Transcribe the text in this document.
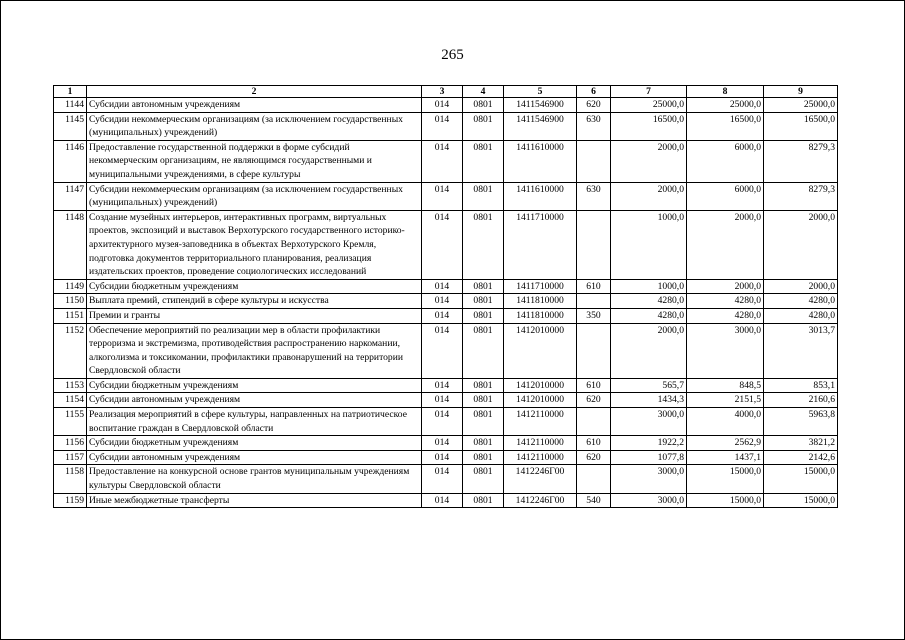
265
1	2	3	4	5	6	7	8	9
1144	Субсидии автономным учреждениям	014	0801	1411546900	620	25000,0	25000,0	25000,0
1145	Субсидии некоммерческим организациям (за исключением государственных (муниципальных) учреждений)	014	0801	1411546900	630	16500,0	16500,0	16500,0
1146	Предоставление государственной поддержки в форме субсидий некоммерческим организациям, не являющимся государственными и муниципальными учреждениями, в сфере культуры	014	0801	1411610000		2000,0	6000,0	8279,3
1147	Субсидии некоммерческим организациям (за исключением государственных (муниципальных) учреждений)	014	0801	1411610000	630	2000,0	6000,0	8279,3
1148	Создание музейных интерьеров, интерактивных программ, виртуальных проектов, экспозиций и выставок Верхотурского государственного историко-архитектурного музея-заповедника в объектах Верхотурского Кремля, подготовка документов территориального планирования, реализация издательских проектов, проведение социологических исследований	014	0801	1411710000		1000,0	2000,0	2000,0
1149	Субсидии бюджетным учреждениям	014	0801	1411710000	610	1000,0	2000,0	2000,0
1150	Выплата премий, стипендий в сфере культуры и искусства	014	0801	1411810000		4280,0	4280,0	4280,0
1151	Премии и гранты	014	0801	1411810000	350	4280,0	4280,0	4280,0
1152	Обеспечение мероприятий по реализации мер в области профилактики терроризма и экстремизма, противодействия распространению наркомании, алкоголизма и токсикомании, профилактики правонарушений на территории Свердловской области	014	0801	1412010000		2000,0	3000,0	3013,7
1153	Субсидии бюджетным учреждениям	014	0801	1412010000	610	565,7	848,5	853,1
1154	Субсидии автономным учреждениям	014	0801	1412010000	620	1434,3	2151,5	2160,6
1155	Реализация мероприятий в сфере культуры, направленных на патриотическое воспитание граждан в Свердловской области	014	0801	1412110000		3000,0	4000,0	5963,8
1156	Субсидии бюджетным учреждениям	014	0801	1412110000	610	1922,2	2562,9	3821,2
1157	Субсидии автономным учреждениям	014	0801	1412110000	620	1077,8	1437,1	2142,6
1158	Предоставление на конкурсной основе грантов муниципальным учреждениям культуры Свердловской области	014	0801	1412246Г00		3000,0	15000,0	15000,0
1159	Иные межбюджетные трансферты	014	0801	1412246Г00	540	3000,0	15000,0	15000,0
